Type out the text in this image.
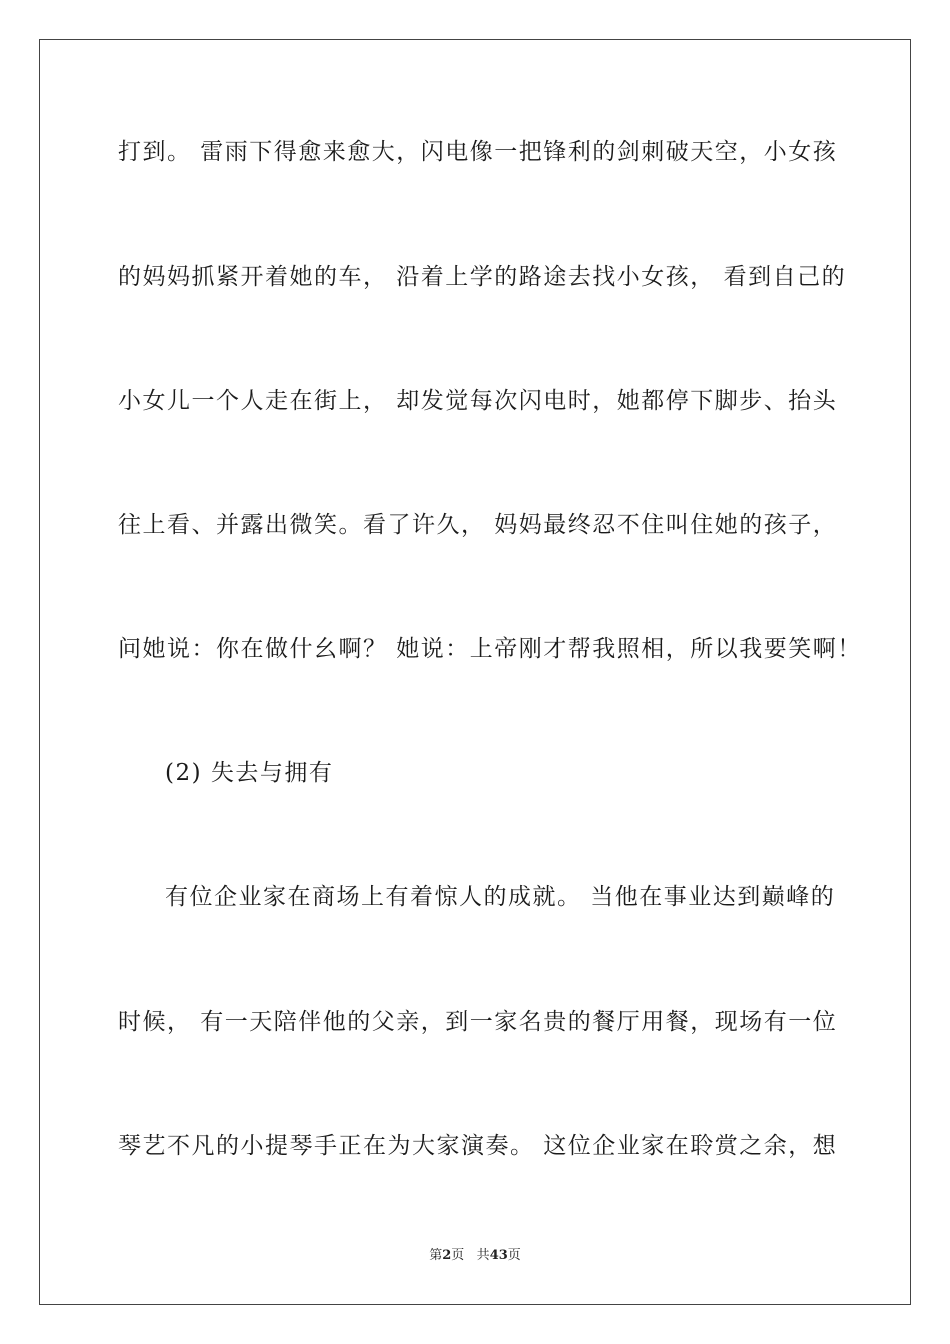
打到。 雷雨下得愈来愈大，闪电像一把锋利的剑刺破天空，小女孩
的妈妈抓紧开着她的车， 沿着上学的路途去找小女孩， 看到自己的
小女儿一个人走在街上， 却发觉每次闪电时，她都停下脚步、抬头
往上看、并露出微笑。看了许久， 妈妈最终忍不住叫住她的孩子，
问她说：你在做什幺啊？ 她说：上帝刚才帮我照相，所以我要笑啊！
(2) 失去与拥有
有位企业家在商场上有着惊人的成就。 当他在事业达到巅峰的
时候， 有一天陪伴他的父亲，到一家名贵的餐厅用餐，现场有一位
琴艺不凡的小提琴手正在为大家演奏。 这位企业家在聆赏之余，想
第2页 共43页
